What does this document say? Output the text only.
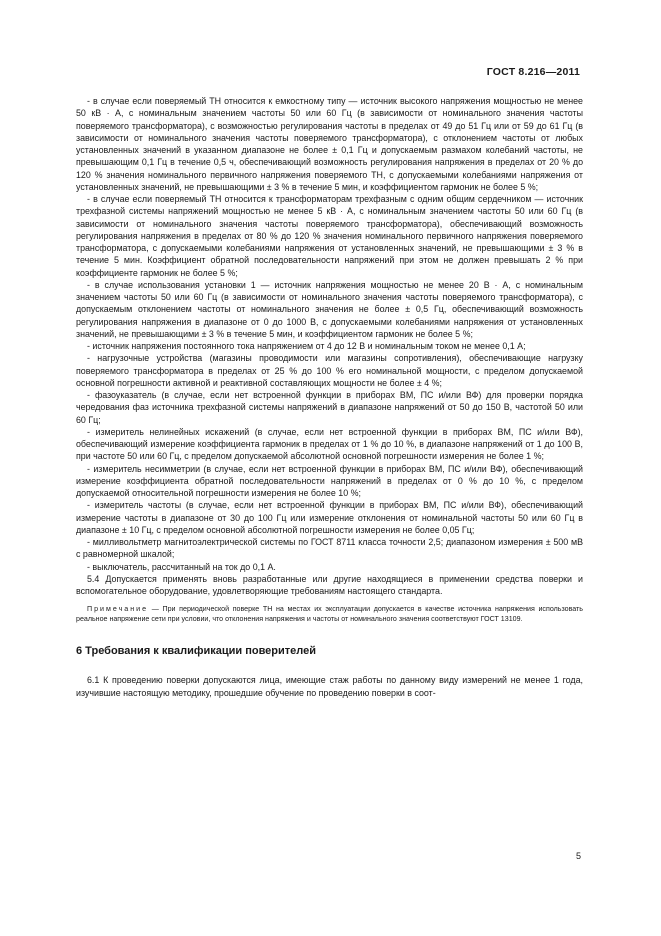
ГОСТ 8.216—2011

- в случае если поверяемый ТН относится к емкостному типу — источник высокого напряжения мощностью не менее 50 кВ · А, с номинальным значением частоты 50 или 60 Гц (в зависимости от номинального значения частоты поверяемого трансформатора), с возможностью регулирования частоты в пределах от 49 до 51 Гц или от 59 до 61 Гц (в зависимости от номинального значения частоты поверяемого трансформатора), с отклонением частоты от любых установленных значений в указанном диапазоне не более ± 0,1 Гц и допускаемым размахом колебаний частоты, не превышающим 0,1 Гц в течение 0,5 ч, обеспечивающий возможность регулирования напряжения в пределах от 20 % до 120 % значения номинального первичного напряжения поверяемого ТН, с допускаемыми колебаниями напряжения от установленных значений, не превышающими ± 3 % в течение 5 мин, и коэффициентом гармоник не более 5 %;

- в случае если поверяемый ТН относится к трансформаторам трехфазным с одним общим сердечником — источник трехфазной системы напряжений мощностью не менее 5 кВ · А, с номинальным значением частоты 50 или 60 Гц (в зависимости от номинального значения частоты поверяемого трансформатора), обеспечивающий возможность регулирования напряжения в пределах от 80 % до 120 % значения номинального первичного напряжения поверяемого трансформатора, с допускаемыми колебаниями напряжения от установленных значений, не превышающими ± 3 % в течение 5 мин. Коэффициент обратной последовательности напряжений при этом не должен превышать 2 % при коэффициенте гармоник не более 5 %;

- в случае использования установки 1 — источник напряжения мощностью не менее 20 В · А, с номинальным значением частоты 50 или 60 Гц (в зависимости от номинального значения частоты поверяемого трансформатора), с допускаемым отклонением частоты от номинального значения не более ± 0,5 Гц, обеспечивающий возможность регулирования напряжения в диапазоне от 0 до 1000 В, с допускаемыми колебаниями напряжения от установленных значений, не превышающими ± 3 % в течение 5 мин, и коэффициентом гармоник не более 5 %;

- источник напряжения постоянного тока напряжением от 4 до 12 В и номинальным током не менее 0,1 А;

- нагрузочные устройства (магазины проводимости или магазины сопротивления), обеспечивающие нагрузку поверяемого трансформатора в пределах от 25 % до 100 % его номинальной мощности, с пределом допускаемой основной погрешности активной и реактивной составляющих мощности не более ± 4 %;

- фазоуказатель (в случае, если нет встроенной функции в приборах ВМ, ПС и/или ВФ) для проверки порядка чередования фаз источника трехфазной системы напряжений в диапазоне напряжений от 50 до 150 В, частотой 50 или 60 Гц;

- измеритель нелинейных искажений (в случае, если нет встроенной функции в приборах ВМ, ПС и/или ВФ), обеспечивающий измерение коэффициента гармоник в пределах от 1 % до 10 %, в диапазоне напряжений от 1 до 100 В, при частоте 50 или 60 Гц, с пределом допускаемой абсолютной основной погрешности измерения не более 1 %;

- измеритель несимметрии (в случае, если нет встроенной функции в приборах ВМ, ПС и/или ВФ), обеспечивающий измерение коэффициента обратной последовательности напряжений в пределах от 0 % до 10 %, с пределом допускаемой относительной погрешности измерения не более 10 %;

- измеритель частоты (в случае, если нет встроенной функции в приборах ВМ, ПС и/или ВФ), обеспечивающий измерение частоты в диапазоне от 30 до 100 Гц или измерение отклонения от номинальной частоты 50 или 60 Гц в диапазоне ± 10 Гц, с пределом основной абсолютной погрешности измерения не более 0,05 Гц;

- милливольтметр магнитоэлектрической системы по ГОСТ 8711 класса точности 2,5; диапазоном измерения ± 500 мВ с равномерной шкалой;

- выключатель, рассчитанный на ток до 0,1 А.

5.4 Допускается применять вновь разработанные или другие находящиеся в применении средства поверки и вспомогательное оборудование, удовлетворяющие требованиям настоящего стандарта.

Примечание — При периодической поверке ТН на местах их эксплуатации допускается в качестве источника напряжения использовать реальное напряжение сети при условии, что отклонения напряжения и частоты от номинального значения соответствуют ГОСТ 13109.

6 Требования к квалификации поверителей

6.1 К проведению поверки допускаются лица, имеющие стаж работы по данному виду измерений не менее 1 года, изучившие настоящую методику, прошедшие обучение по проведению поверки в соот-

5
